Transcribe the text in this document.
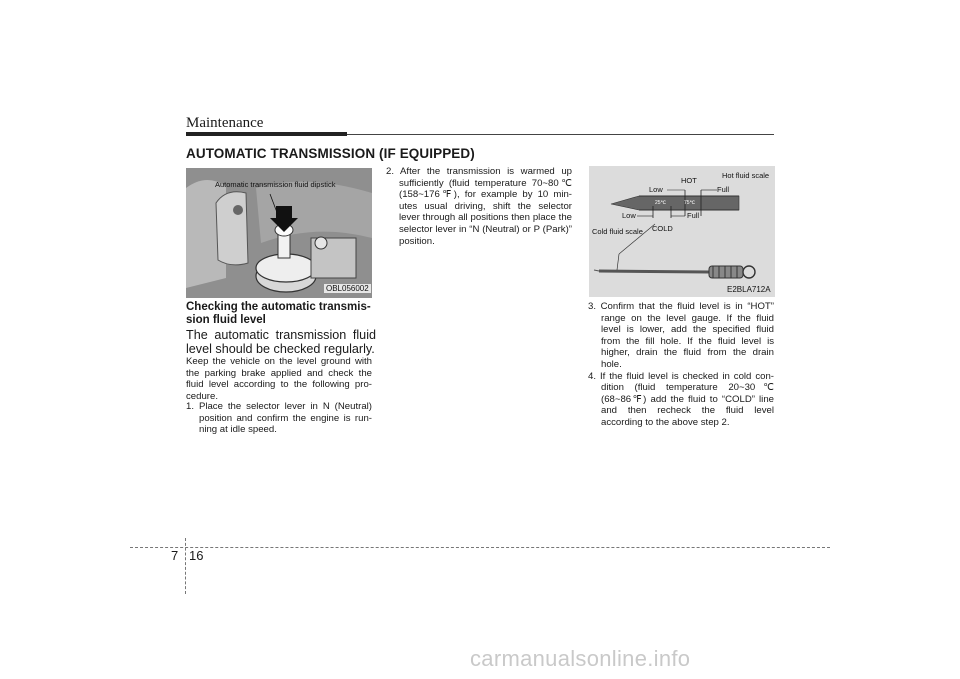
Maintenance
AUTOMATIC TRANSMISSION (IF EQUIPPED)
Automatic transmission fluid dipstick
OBL056002
Checking the automatic transmis-sion fluid level
The automatic transmission fluid level should be checked regularly.
Keep the vehicle on the level ground with the parking brake applied and check the fluid level according to the following pro-cedure.
1. Place the selector lever in N (Neutral) position and confirm the engine is run-ning at idle speed.
2. After the transmission is warmed up sufficiently (fluid temperature 70~80℃ (158~176℉), for example by 10 min-utes usual driving, shift the selector lever through all positions then place the selector lever in “N (Neutral) or P (Park)” position.
Hot fluid scale
HOT
Low	Full
25℃	75℃
Low	Full
COLD
Cold fluid scale
E2BLA712A
3. Confirm that the fluid level is in “HOT” range on the level gauge. If the fluid level is lower, add the specified fluid from the fill hole. If the fluid level is higher, drain the fluid from the drain hole.
4. If the fluid level is checked in cold con-dition (fluid temperature 20~30℃ (68~86℉) add the fluid to “COLD” line and then recheck the fluid level according to the above step 2.
7 16
carmanualsonline.info
